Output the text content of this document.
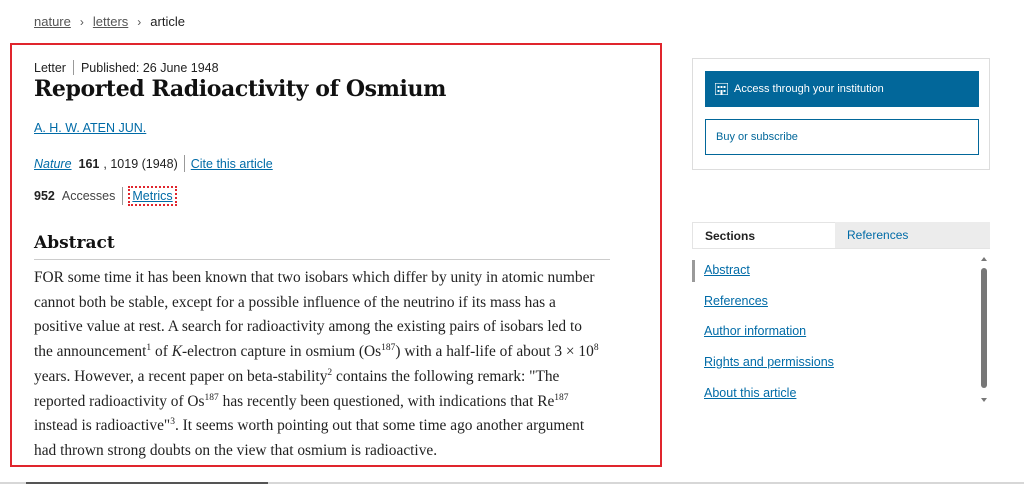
nature › letters › article
Letter Published: 26 June 1948
Reported Radioactivity of Osmium
A. H. W. ATEN JUN.
Nature 161 , 1019 (1948) Cite this article
952 Accesses	Metrics
Abstract

FOR some time it has been known that two isobars which differ by unity in atomic number
cannot both be stable, except for a possible influence of the neutrino if its mass has a
positive value at rest. A search for radioactivity among the existing pairs of isobars led to
the announcement$^1$ of K-electron capture in osmium (Os$^{187}$) with a half-life of about $3 \times 10^8$
years. However, a recent paper on beta-stability$^2$ contains the following remark: "The
reported radioactivity of Os$^{187}$ has recently been questioned, with indications that Re$^{187}$
instead is radioactive"$^3$. It seems worth pointing out that some time ago another argument
had thrown strong doubts on the view that osmium is radioactive.

Access through your institution
Buy or subscribe
Sections	References
Abstract
References
Author information
Rights and permissions
About this article
